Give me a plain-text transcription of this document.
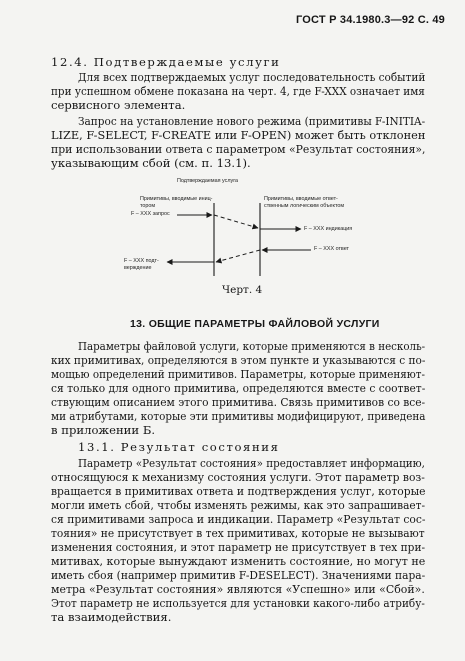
ГОСТ Р 34.1980.3—92 С. 49
12.4. Подтверждаемые услуги
Для всех подтверждаемых услуг последовательность событий
при успешном обмене показана на черт. 4, где F-XXX означает имя
сервисного элемента.
Запрос на установление нового режима (примитивы F-INITIA-
LIZE, F-SELECT, F-CREATE или F-OPEN) может быть отклонен
при использовании ответа с параметром «Результат состояния»,
указывающим сбой (см. п. 13.1).
Подтверждаемая услуга
Примитивы, вводимые иниц-
тором
Примитивы, вводимые ответ-
ственным логическим объектом
F – XXX запрос
F – XXX индикация
F – XXX ответ
F – XXX подт-
верждение
Черт. 4
13. ОБЩИЕ ПАРАМЕТРЫ ФАЙЛОВОЙ УСЛУГИ
Параметры файловой услуги, которые применяются в несколь-
ких примитивах, определяются в этом пункте и указываются с по-
мощью определений примитивов. Параметры, которые применяют-
ся только для одного примитива, определяются вместе с соответ-
ствующим описанием этого примитива. Связь примитивов со все-
ми атрибутами, которые эти примитивы модифицируют, приведена
в приложении Б.
13.1. Результат состояния
Параметр «Результат состояния» предоставляет информацию,
относящуюся к механизму состояния услуги. Этот параметр воз-
вращается в примитивах ответа и подтверждения услуг, которые
могли иметь сбой, чтобы изменять режимы, как это запрашивает-
ся примитивами запроса и индикации. Параметр «Результат сос-
тояния» не присутствует в тех примитивах, которые не вызывают
изменения состояния, и этот параметр не присутствует в тех при-
митивах, которые вынуждают изменить состояние, но могут не
иметь сбоя (например примитив F-DESELECT). Значениями пара-
метра «Результат состояния» являются «Успешно» или «Сбой».
Этот параметр не используется для установки какого-либо атрибу-
та взаимодействия.
